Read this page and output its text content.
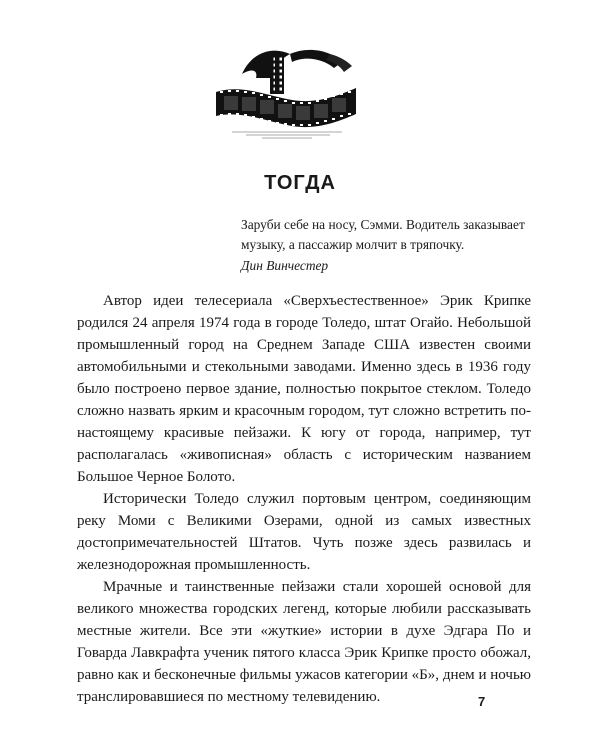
ТОГДА

Заруби себе на носу, Сэмми. Водитель заказывает музыку, а пассажир молчит в тряпочку.

Дин Винчестер

Автор идеи телесериала «Сверхъестественное» Эрик Крипке родился 24 апреля 1974 года в городе Толедо, штат Огайо. Небольшой промышленный город на Среднем Западе США известен своими автомобильными и стекольными заводами. Именно здесь в 1936 году было построено первое здание, полностью покрытое стеклом. Толедо сложно назвать ярким и красочным городом, тут сложно встретить по-настоящему красивые пейзажи. К югу от города, например, тут располагалась «живописная» область с историческим названием Большое Черное Болото.

Исторически Толедо служил портовым центром, соединяющим реку Моми с Великими Озерами, одной из самых известных достопримечательностей Штатов. Чуть позже здесь развилась и железнодорожная промышленность.

Мрачные и таинственные пейзажи стали хорошей основой для великого множества городских легенд, которые любили рассказывать местные жители. Все эти «жуткие» истории в духе Эдгара По и Говарда Лавкрафта ученик пятого класса Эрик Крипке просто обожал, равно как и бесконечные фильмы ужасов категории «Б», днем и ночью транслировавшиеся по местному телевидению.	7
